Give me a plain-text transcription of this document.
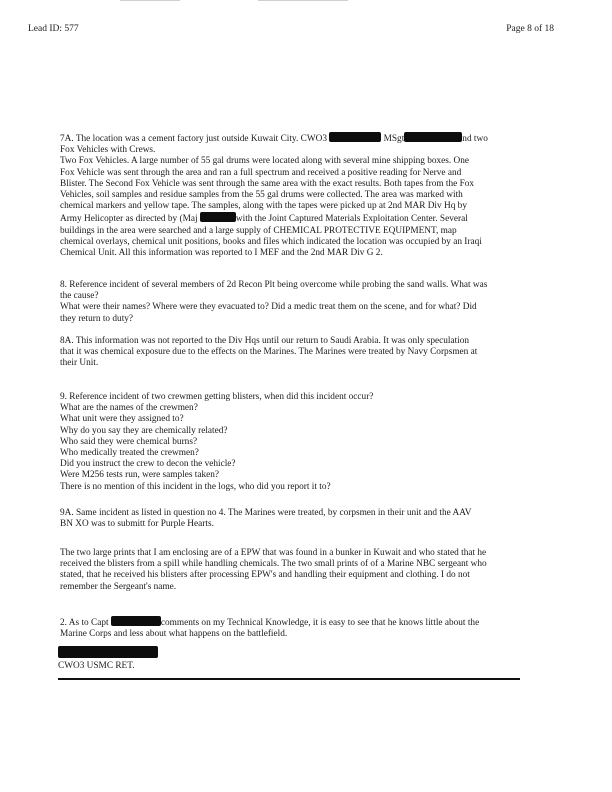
Lead ID: 577	Page 8 of 18
7A. The location was a cement factory just outside Kuwait City. CWO3	MSgt	nd two
Fox Vehicles with Crews.
Two Fox Vehicles. A large number of 55 gal drums were located along with several mine shipping boxes. One
Fox Vehicle was sent through the area and ran a full spectrum and received a positive reading for Nerve and
Blister. The Second Fox Vehicle was sent through the same area with the exact results. Both tapes from the Fox
Vehicles, soil samples and residue samples from the 55 gal drums were collected. The area was marked with
chemical markers and yellow tape. The samples, along with the tapes were picked up at 2nd MAR Div Hq by
Army Helicopter as directed by (Maj	with the Joint Captured Materials Exploitation Center. Several
buildings in the area were searched and a large supply of CHEMICAL PROTECTIVE EQUIPMENT, map
chemical overlays, chemical unit positions, books and files which indicated the location was occupied by an Iraqi
Chemical Unit. All this information was reported to I MEF and the 2nd MAR Div G 2.
8. Reference incident of several members of 2d Recon Plt being overcome while probing the sand walls. What was
the cause?
What were their names? Where were they evacuated to? Did a medic treat them on the scene, and for what? Did
they return to duty?
8A. This information was not reported to the Div Hqs until our return to Saudi Arabia. It was only speculation
that it was chemical exposure due to the effects on the Marines. The Marines were treated by Navy Corpsmen at
their Unit.
9. Reference incident of two crewmen getting blisters, when did this incident occur?
What are the names of the crewmen?
What unit were they assigned to?
Why do you say they are chemically related?
Who said they were chemical burns?
Who medically treated the crewmen?
Did you instruct the crew to decon the vehicle?
Were M256 tests run, were samples taken?
There is no mention of this incident in the logs, who did you report it to?
9A. Same incident as listed in question no 4. The Marines were treated, by corpsmen in their unit and the AAV
BN XO was to submitt for Purple Hearts.
The two large prints that I am enclosing are of a EPW that was found in a bunker in Kuwait and who stated that he
received the blisters from a spill while handling chemicals. The two small prints of of a Marine NBC sergeant who
stated, that he received his blisters after processing EPW's and handling their equipment and clothing. I do not
remember the Sergeant's name.
2. As to Capt	comments on my Technical Knowledge, it is easy to see that he knows little about the
Marine Corps and less about what happens on the battlefield.
CWO3 USMC RET.
